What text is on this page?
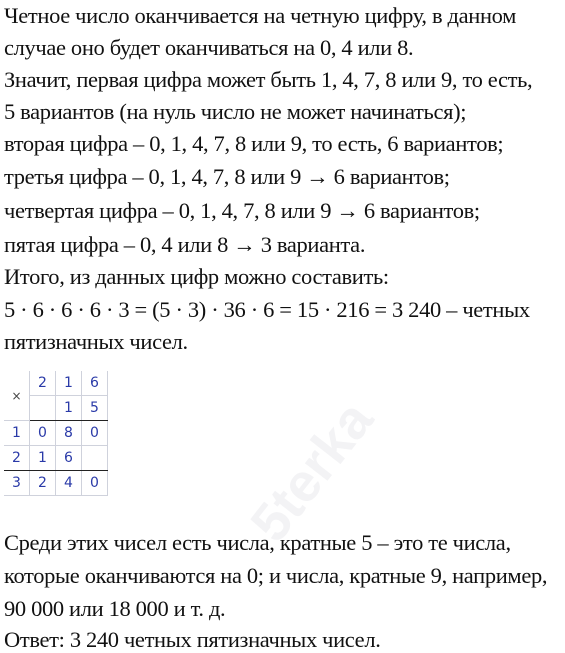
Четное число оканчивается на четную цифру, в данном
случае оно будет оканчиваться на 0, 4 или 8.
Значит, первая цифра может быть 1, 4, 7, 8 или 9, то есть,
5 вариантов (на нуль число не может начинаться);
вторая цифра – 0, 1, 4, 7, 8 или 9, то есть, 6 вариантов;
третья цифра – 0, 1, 4, 7, 8 или 9 → 6 вариантов;
четвертая цифра – 0, 1, 4, 7, 8 или 9 → 6 вариантов;
пятая цифра – 0, 4 или 8 → 3 варианта.
Итого, из данных цифр можно составить:
5 · 6 · 6 · 6 · 3 = (5 · 3) · 36 · 6 = 15 · 216 = 3 240 – четных
пятизначных чисел.
×	2	1	6
		1	5
1	0	8	0
2	1	6	
3	2	4	0	5terka
Среди этих чисел есть числа, кратные 5 – это те числа,
которые оканчиваются на 0; и числа, кратные 9, например,
90 000 или 18 000 и т. д.
Ответ: 3 240 четных пятизначных чисел.
